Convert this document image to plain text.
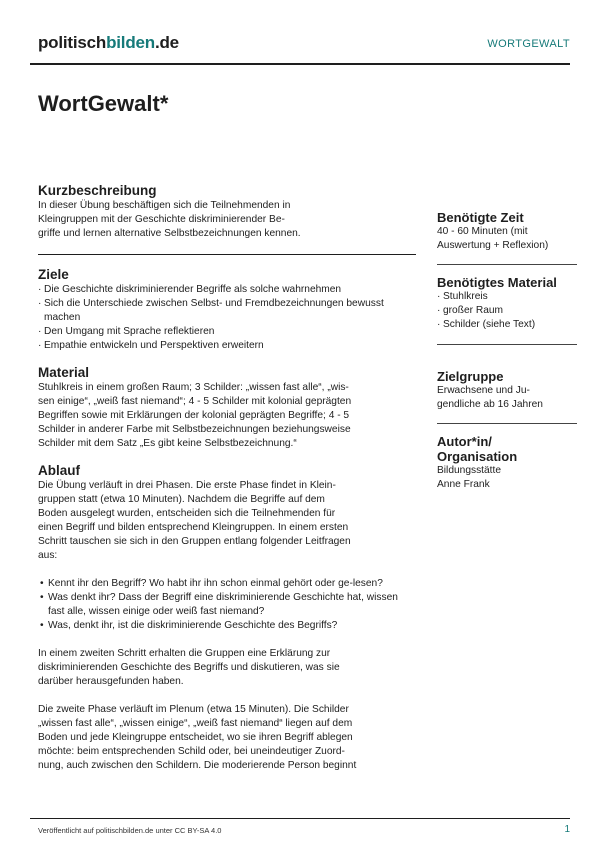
politischbilden.de	WORTGEWALT
WortGewalt*
Kurzbeschreibung

In dieser Übung beschäftigen sich die Teilnehmenden in

Kleingruppen mit der Geschichte diskriminierender Be-

griffe und lernen alternative Selbstbezeichnungen kennen.

Ziele
· Die Geschichte diskriminierender Begriffe als solche wahrnehmen
· Sich die Unterschiede zwischen Selbst- und Fremdbezeichnungen bewusst machen
· Den Umgang mit Sprache reflektieren
· Empathie entwickeln und Perspektiven erweitern
Material

Stuhlkreis in einem großen Raum; 3 Schilder: „wissen fast alle“, „wis-

sen einige“, „weiß fast niemand“; 4 - 5 Schilder mit kolonial geprägten

Begriffen sowie mit Erklärungen der kolonial geprägten Begriffe; 4 - 5

Schilder in anderer Farbe mit Selbstbezeichnungen beziehungsweise

Schilder mit dem Satz „Es gibt keine Selbstbezeichnung.“

Ablauf

Die Übung verläuft in drei Phasen. Die erste Phase findet in Klein-

gruppen statt (etwa 10 Minuten). Nachdem die Begriffe auf dem

Boden ausgelegt wurden, entscheiden sich die Teilnehmenden für

einen Begriff und bilden entsprechend Kleingruppen. In einem ersten

Schritt tauschen sie sich in den Gruppen entlang folgender Leitfragen

aus:

• Kennt ihr den Begriff? Wo habt ihr ihn schon einmal gehört oder ge-lesen?
• Was denkt ihr? Dass der Begriff eine diskriminierende Geschichte hat, wissen fast alle, wissen einige oder weiß fast niemand?
• Was, denkt ihr, ist die diskriminierende Geschichte des Begriffs?

In einem zweiten Schritt erhalten die Gruppen eine Erklärung zur

diskriminierenden Geschichte des Begriffs und diskutieren, was sie

darüber herausgefunden haben.

Die zweite Phase verläuft im Plenum (etwa 15 Minuten). Die Schilder

„wissen fast alle“, „wissen einige“, „weiß fast niemand“ liegen auf dem

Boden und jede Kleingruppe entscheidet, wo sie ihren Begriff ablegen

möchte: beim entsprechenden Schild oder, bei uneindeutiger Zuord-

nung, auch zwischen den Schildern. Die moderierende Person beginnt

Benötigte Zeit

40 - 60 Minuten (mit

Auswertung + Reflexion)

Benötigtes Material
· Stuhlkreis
· großer Raum
· Schilder (siehe Text)
Zielgruppe

Erwachsene und Ju-

gendliche ab 16 Jahren

Autor*in/
Organisation

Bildungsstätte

Anne Frank

Veröffentlicht auf politischbilden.de unter CC BY-SA 4.0	1
